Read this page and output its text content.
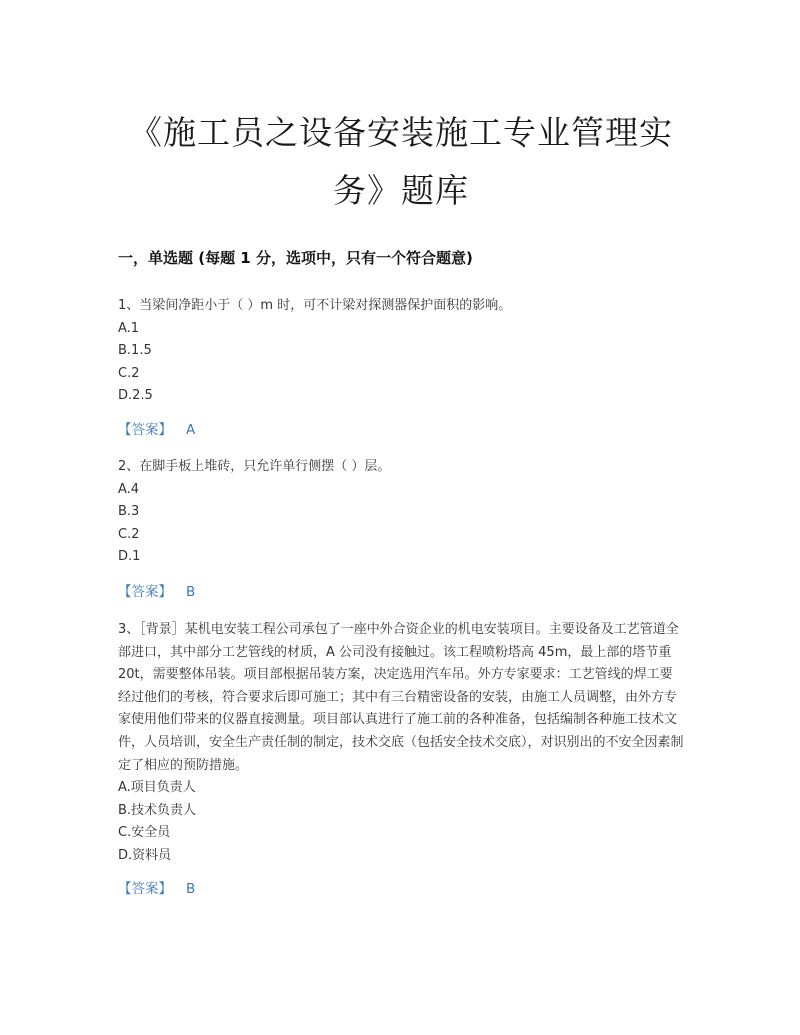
《施工员之设备安装施工专业管理实务》题库
一，单选题 (每题 1 分，选项中，只有一个符合题意)

1、当梁间净距小于（ ）m 时，可不计梁对探测器保护面积的影响。

A.1

B.1.5

C.2

D.2.5

【答案】 A

2、在脚手板上堆砖，只允许单行侧摆（ ）层。

A.4

B.3

C.2

D.1

【答案】 B

3、［背景］某机电安装工程公司承包了一座中外合资企业的机电安装项目。主要设备及工艺管道全部进口，其中部分工艺管线的材质，A 公司没有接触过。该工程喷粉塔高 45m，最上部的塔节重 20t，需要整体吊装。项目部根据吊装方案，决定选用汽车吊。外方专家要求：工艺管线的焊工要经过他们的考核，符合要求后即可施工；其中有三台精密设备的安装，由施工人员调整，由外方专家使用他们带来的仪器直接测量。项目部认真进行了施工前的各种准备，包括编制各种施工技术文件，人员培训，安全生产责任制的制定，技术交底（包括安全技术交底），对识别出的不安全因素制定了相应的预防措施。

A.项目负责人

B.技术负责人

C.安全员

D.资料员

【答案】 B
